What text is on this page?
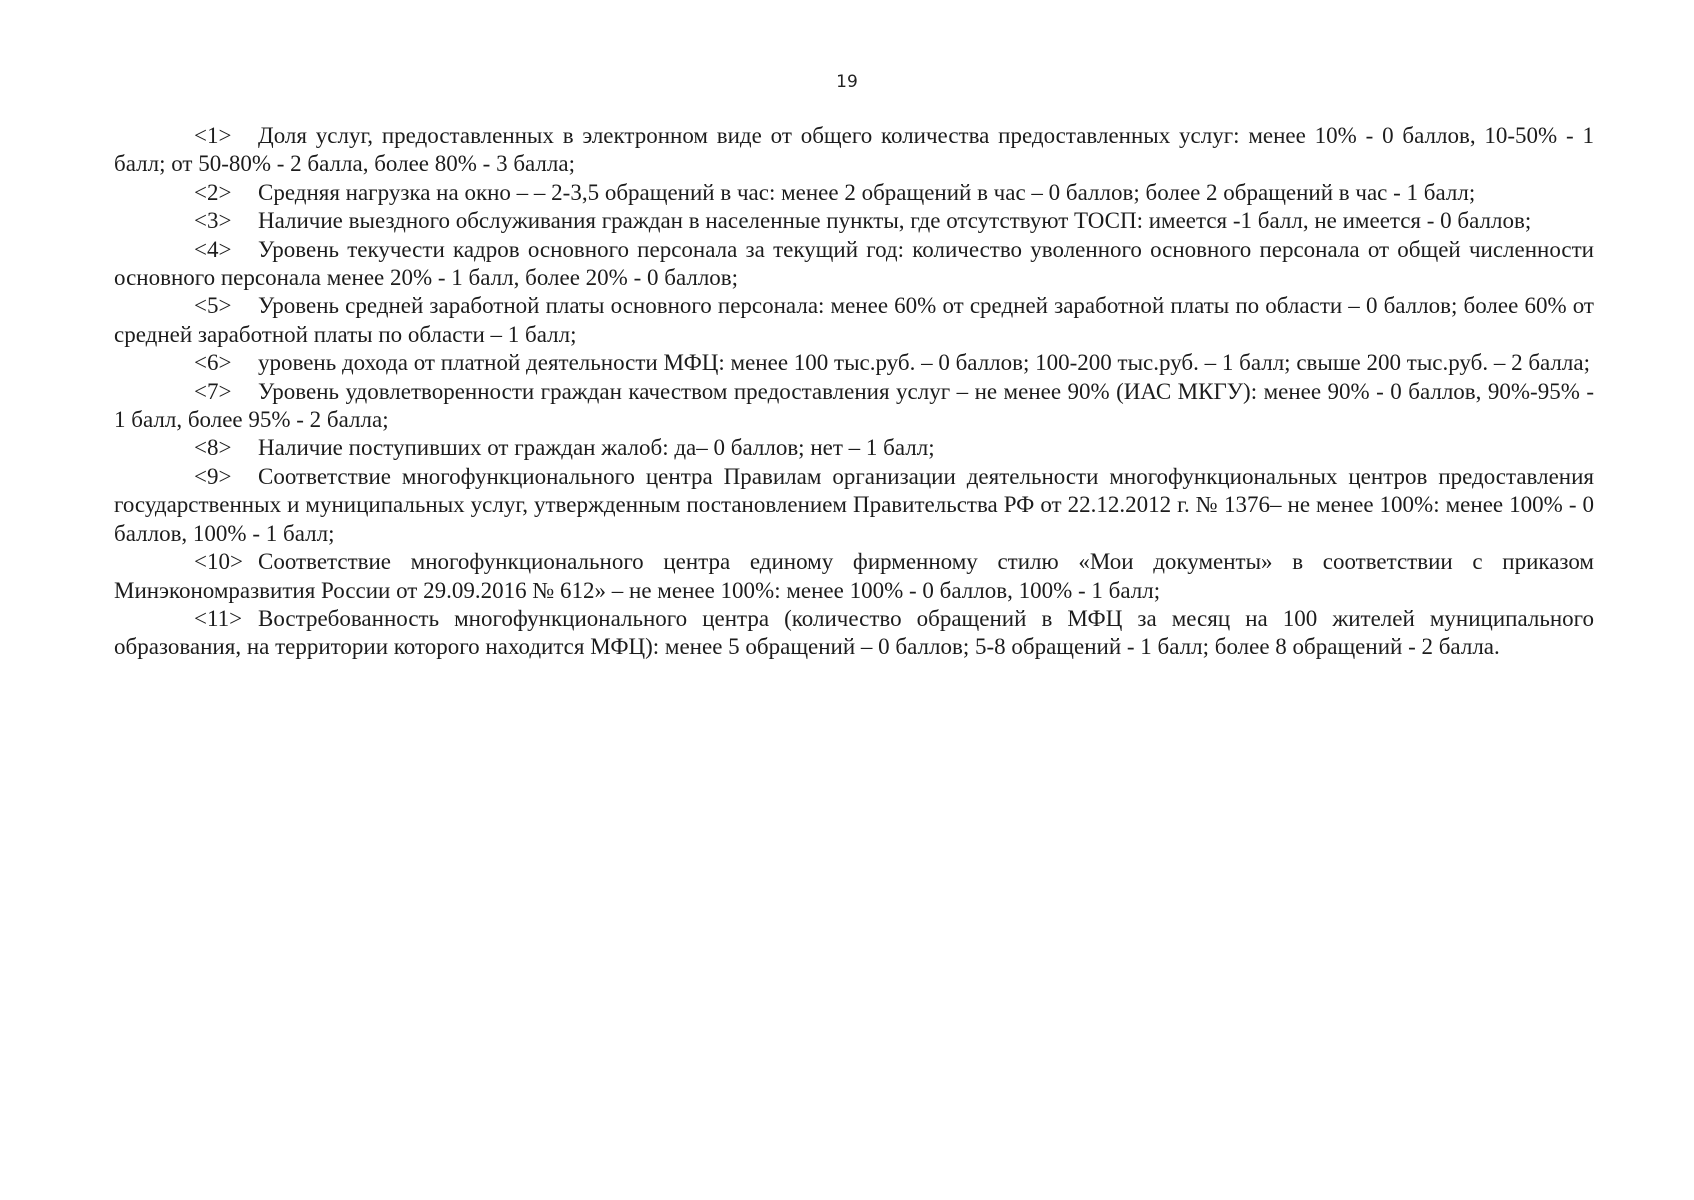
19

<1> Доля услуг, предоставленных в электронном виде от общего количества предоставленных услуг: менее 10% - 0 баллов, 10-50% - 1 балл; от 50-80% - 2 балла, более 80% - 3 балла;

<2> Средняя нагрузка на окно – – 2-3,5 обращений в час: менее 2 обращений в час – 0 баллов; более 2 обращений в час - 1 балл;

<3> Наличие выездного обслуживания граждан в населенные пункты, где отсутствуют ТОСП: имеется -1 балл, не имеется - 0 баллов;

<4> Уровень текучести кадров основного персонала за текущий год: количество уволенного основного персонала от общей численности основного персонала менее 20% - 1 балл, более 20% - 0 баллов;

<5> Уровень средней заработной платы основного персонала: менее 60% от средней заработной платы по области – 0 баллов; более 60% от средней заработной платы по области – 1 балл;

<6> уровень дохода от платной деятельности МФЦ: менее 100 тыс.руб. – 0 баллов; 100-200 тыс.руб. – 1 балл; свыше 200 тыс.руб. – 2 балла;

<7> Уровень удовлетворенности граждан качеством предоставления услуг – не менее 90% (ИАС МКГУ): менее 90% - 0 баллов, 90%-95% - 1 балл, более 95% - 2 балла;

<8> Наличие поступивших от граждан жалоб: да– 0 баллов; нет – 1 балл;

<9> Соответствие многофункционального центра Правилам организации деятельности многофункциональных центров предоставления государственных и муниципальных услуг, утвержденным постановлением Правительства РФ от 22.12.2012 г. № 1376– не менее 100%: менее 100% - 0 баллов, 100% - 1 балл;

<10> Соответствие многофункционального центра единому фирменному стилю «Мои документы» в соответствии с приказом Минэкономразвития России от 29.09.2016 № 612» – не менее 100%: менее 100% - 0 баллов, 100% - 1 балл;

<11> Востребованность многофункционального центра (количество обращений в МФЦ за месяц на 100 жителей муниципального образования, на территории которого находится МФЦ): менее 5 обращений – 0 баллов; 5-8 обращений - 1 балл; более 8 обращений - 2 балла.
